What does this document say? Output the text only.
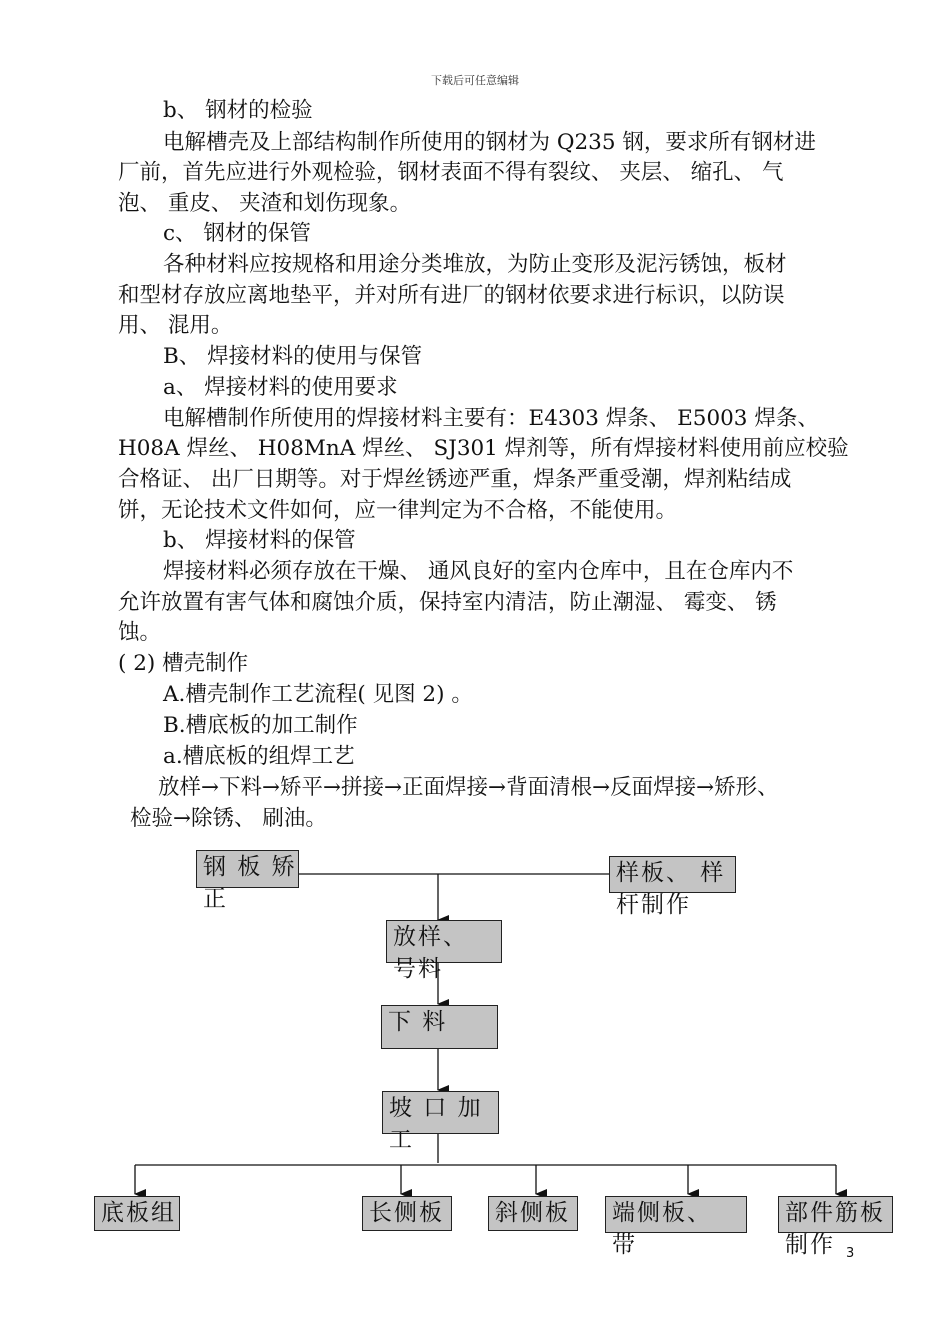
下载后可任意编辑
b、 钢材的检验
电解槽壳及上部结构制作所使用的钢材为 Q235 钢，要求所有钢材进
厂前，首先应进行外观检验，钢材表面不得有裂纹、 夹层、 缩孔、 气
泡、 重皮、 夹渣和划伤现象。
c、 钢材的保管
各种材料应按规格和用途分类堆放，为防止变形及泥污锈蚀，板材
和型材存放应离地垫平，并对所有进厂的钢材依要求进行标识，以防误
用、 混用。
B、 焊接材料的使用与保管
a、 焊接材料的使用要求
电解槽制作所使用的焊接材料主要有：E4303 焊条、 E5003 焊条、
H08A 焊丝、 H08MnA 焊丝、 SJ301 焊剂等，所有焊接材料使用前应校验
合格证、 出厂日期等。对于焊丝锈迹严重，焊条严重受潮，焊剂粘结成
饼，无论技术文件如何，应一律判定为不合格，不能使用。
b、 焊接材料的保管
焊接材料必须存放在干燥、 通风良好的室内仓库中，且在仓库内不
允许放置有害气体和腐蚀介质，保持室内清洁，防止潮湿、 霉变、 锈
蚀。
( 2) 槽壳制作
A.槽壳制作工艺流程( 见图 2) 。
B.槽底板的加工制作
a.槽底板的组焊工艺
放样→下料→矫平→拼接→正面焊接→背面清根→反面焊接→矫形、
检验→除锈、 刷油。
钢 板 矫 正
样板、 样杆制作
放样、 号料
下 料
坡 口 加 工
底板组	长侧板	斜侧板	端侧板、 带
部件筋板制作 3
